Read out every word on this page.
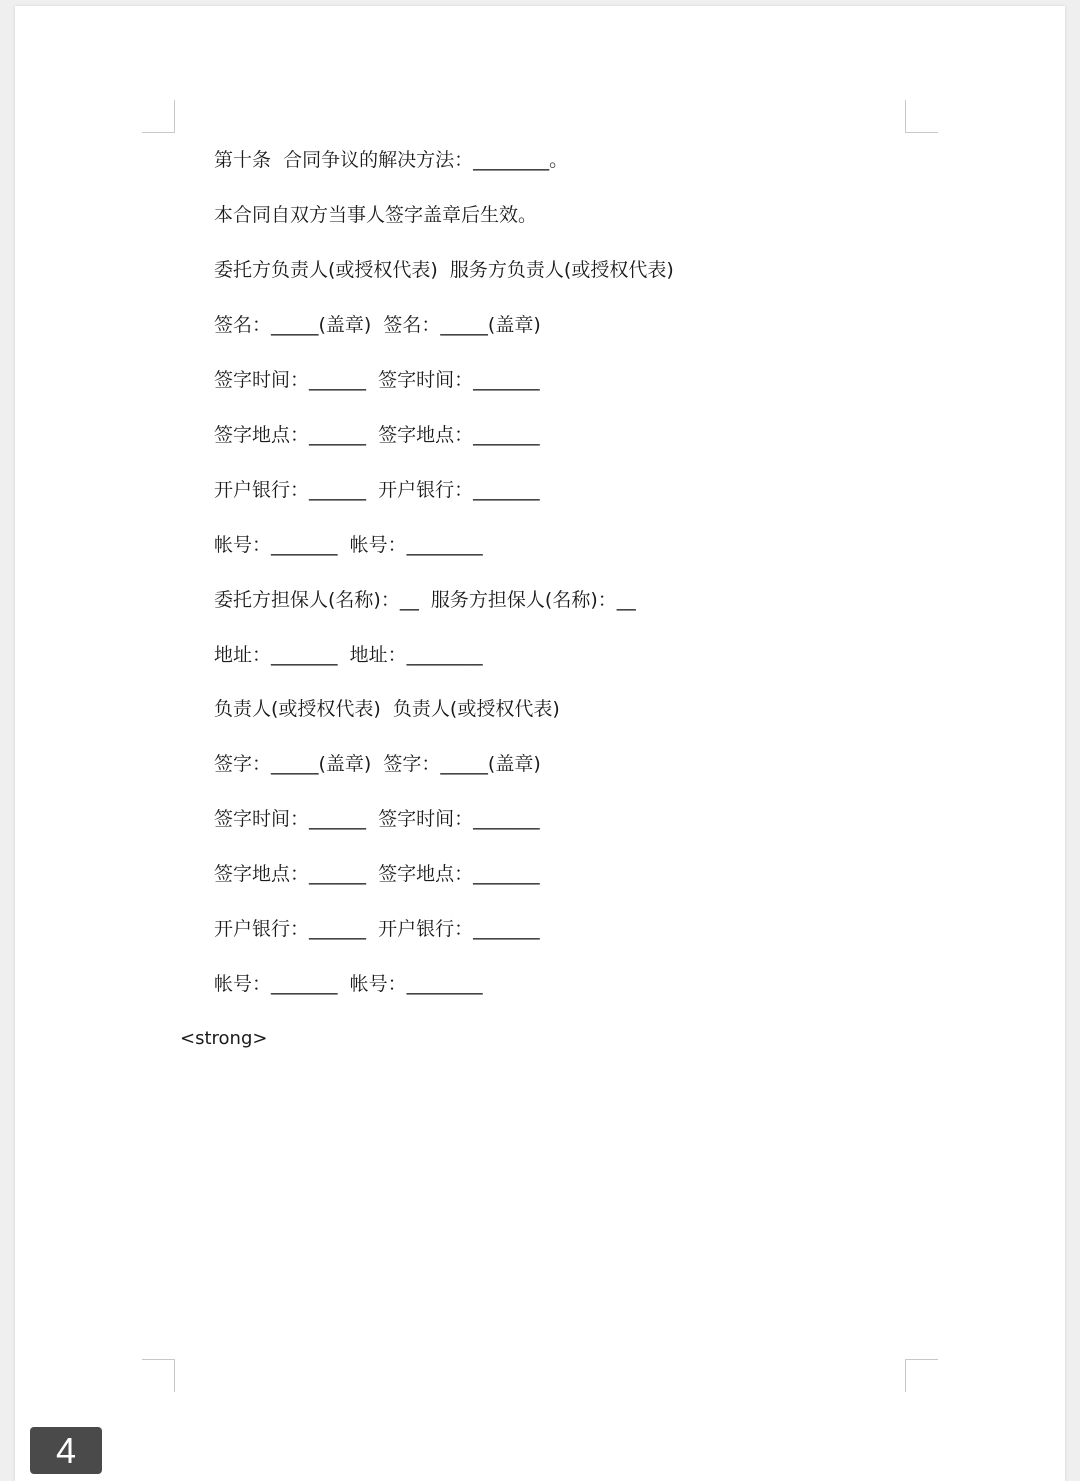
第十条  合同争议的解决方法：________。
本合同自双方当事人签字盖章后生效。
委托方负责人(或授权代表)  服务方负责人(或授权代表)
签名：_____(盖章)  签名：_____(盖章)
签字时间：______  签字时间：_______
签字地点：______  签字地点：_______
开户银行：______  开户银行：_______
帐号：_______  帐号：________
委托方担保人(名称)：__  服务方担保人(名称)：__
地址：_______  地址：________
负责人(或授权代表)  负责人(或授权代表)
签字：_____(盖章)  签字：_____(盖章)
签字时间：______  签字时间：_______
签字地点：______  签字地点：_______
开户银行：______  开户银行：_______
帐号：_______  帐号：________
<strong>
4
